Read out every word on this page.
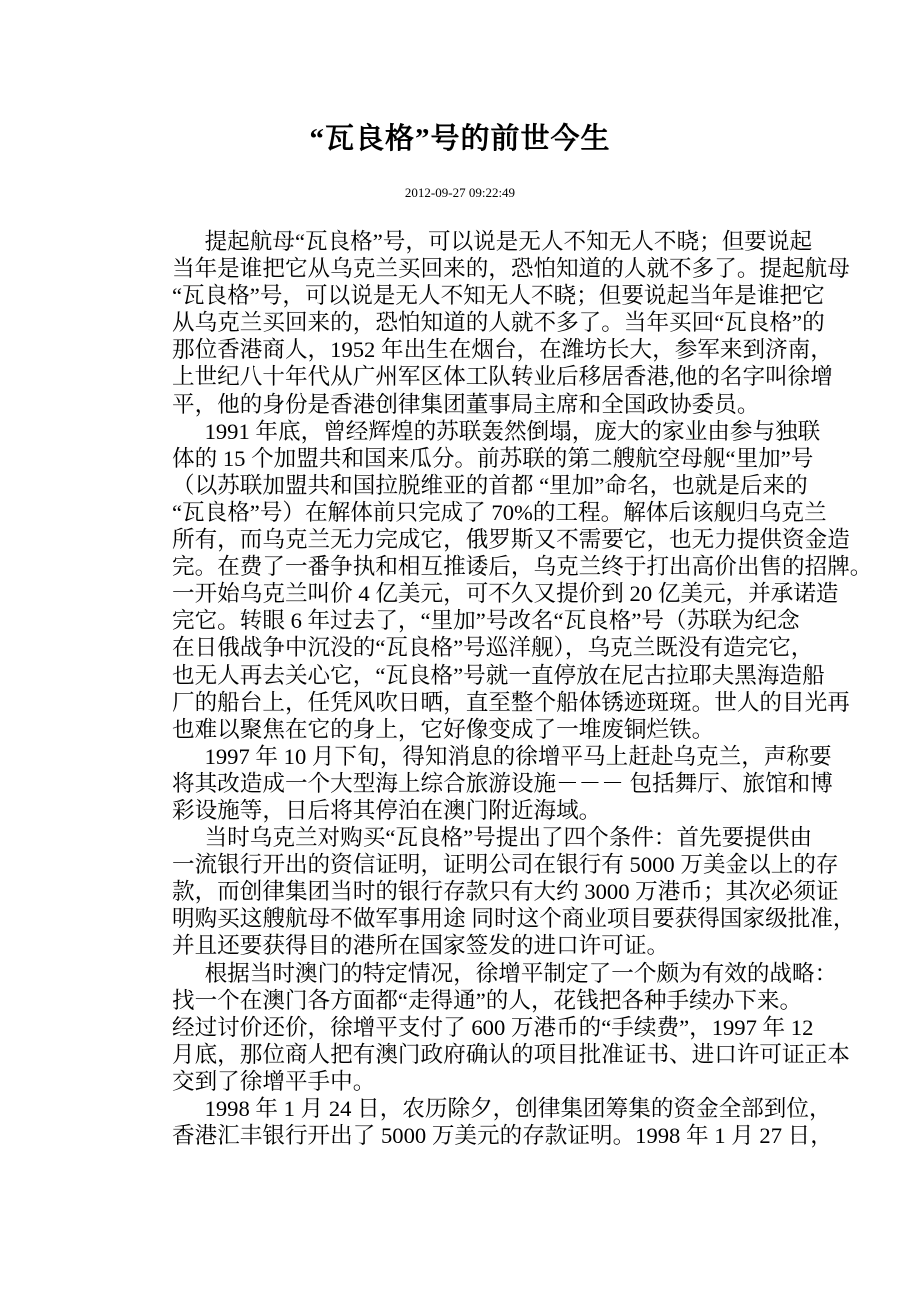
“瓦良格”号的前世今生
2012-09-27 09:22:49
　提起航母“瓦良格”号，可以说是无人不知无人不晓；但要说起
当年是谁把它从乌克兰买回来的，恐怕知道的人就不多了。提起航母
“瓦良格”号，可以说是无人不知无人不晓；但要说起当年是谁把它
从乌克兰买回来的，恐怕知道的人就不多了。当年买回“瓦良格”的
那位香港商人，1952 年出生在烟台，在潍坊长大，参军来到济南，
上世纪八十年代从广州军区体工队转业后移居香港,他的名字叫徐增
平，他的身份是香港创律集团董事局主席和全国政协委员。
　1991 年底，曾经辉煌的苏联轰然倒塌，庞大的家业由参与独联
体的 15 个加盟共和国来瓜分。前苏联的第二艘航空母舰“里加”号
（以苏联加盟共和国拉脱维亚的首都 “里加”命名，也就是后来的
“瓦良格”号）在解体前只完成了 70%的工程。解体后该舰归乌克兰
所有，而乌克兰无力完成它，俄罗斯又不需要它，也无力提供资金造
完。在费了一番争执和相互推诿后，乌克兰终于打出高价出售的招牌。
一开始乌克兰叫价 4 亿美元，可不久又提价到 20 亿美元，并承诺造
完它。转眼 6 年过去了，“里加”号改名“瓦良格”号（苏联为纪念
在日俄战争中沉没的“瓦良格”号巡洋舰），乌克兰既没有造完它，
也无人再去关心它，“瓦良格”号就一直停放在尼古拉耶夫黑海造船
厂的船台上，任凭风吹日晒，直至整个船体锈迹斑斑。世人的目光再
也难以聚焦在它的身上，它好像变成了一堆废铜烂铁。
　1997 年 10 月下旬，得知消息的徐增平马上赶赴乌克兰，声称要
将其改造成一个大型海上综合旅游设施－－－ 包括舞厅、旅馆和博
彩设施等，日后将其停泊在澳门附近海域。
　当时乌克兰对购买“瓦良格”号提出了四个条件：首先要提供由
一流银行开出的资信证明，证明公司在银行有 5000 万美金以上的存
款，而创律集团当时的银行存款只有大约 3000 万港币；其次必须证
明购买这艘航母不做军事用途 同时这个商业项目要获得国家级批准，
并且还要获得目的港所在国家签发的进口许可证。
　根据当时澳门的特定情况，徐增平制定了一个颇为有效的战略：
找一个在澳门各方面都“走得通”的人，花钱把各种手续办下来。
经过讨价还价，徐增平支付了 600 万港币的“手续费”，1997 年 12
月底，那位商人把有澳门政府确认的项目批准证书、进口许可证正本
交到了徐增平手中。
　1998 年 1 月 24 日，农历除夕，创律集团筹集的资金全部到位，
香港汇丰银行开出了 5000 万美元的存款证明。1998 年 1 月 27 日，
